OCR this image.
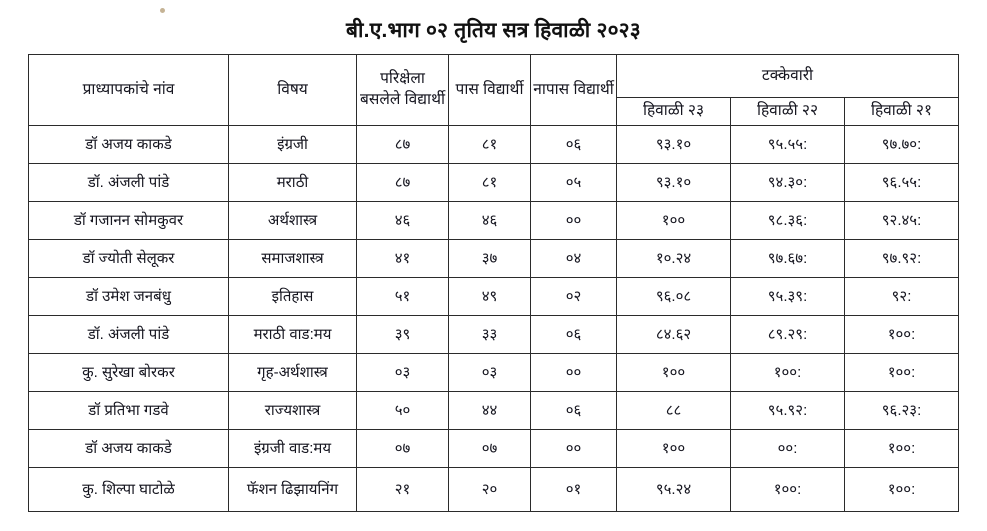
बी.ए.भाग ०२ तृतिय सत्र हिवाळी २०२३
प्राध्यापकांचे नांव	विषय	परिक्षेला बसलेले विद्यार्थी	पास विद्यार्थी	नापास विद्यार्थी	टक्केवारी		
					हिवाळी २३	हिवाळी २२	हिवाळी २१
डॉ अजय काकडे	इंग्रजी	८७	८१	०६	९३.१०	९५.५५:	९७.७०:
डॉ. अंजली पांडे	मराठी	८७	८१	०५	९३.१०	९४.३०:	९६.५५:
डॉ गजानन सोमकुवर	अर्थशास्त्र	४६	४६	००	१००	९८.३६:	९२.४५:
डॉ ज्योती सेलूकर	समाजशास्त्र	४१	३७	०४	१०.२४	९७.६७:	९७.९२:
डॉ उमेश जनबंधु	इतिहास	५१	४९	०२	९६.०८	९५.३९:	९२:
डॉ. अंजली पांडे	मराठी वाड:मय	३९	३३	०६	८४.६२	८९.२९:	१००:
कु. सुरेखा बोरकर	गृह-अर्थशास्त्र	०३	०३	००	१००	१००:	१००:
डॉ प्रतिभा गडवे	राज्यशास्त्र	५०	४४	०६	८८	९५.९२:	९६.२३:
डॉ अजय काकडे	इंग्रजी वाड:मय	०७	०७	००	१००	००:	१००:
कु. शिल्पा घाटोळे	फॅशन ढिझायनिंग	२१	२०	०१	९५.२४	१००:	१००:
